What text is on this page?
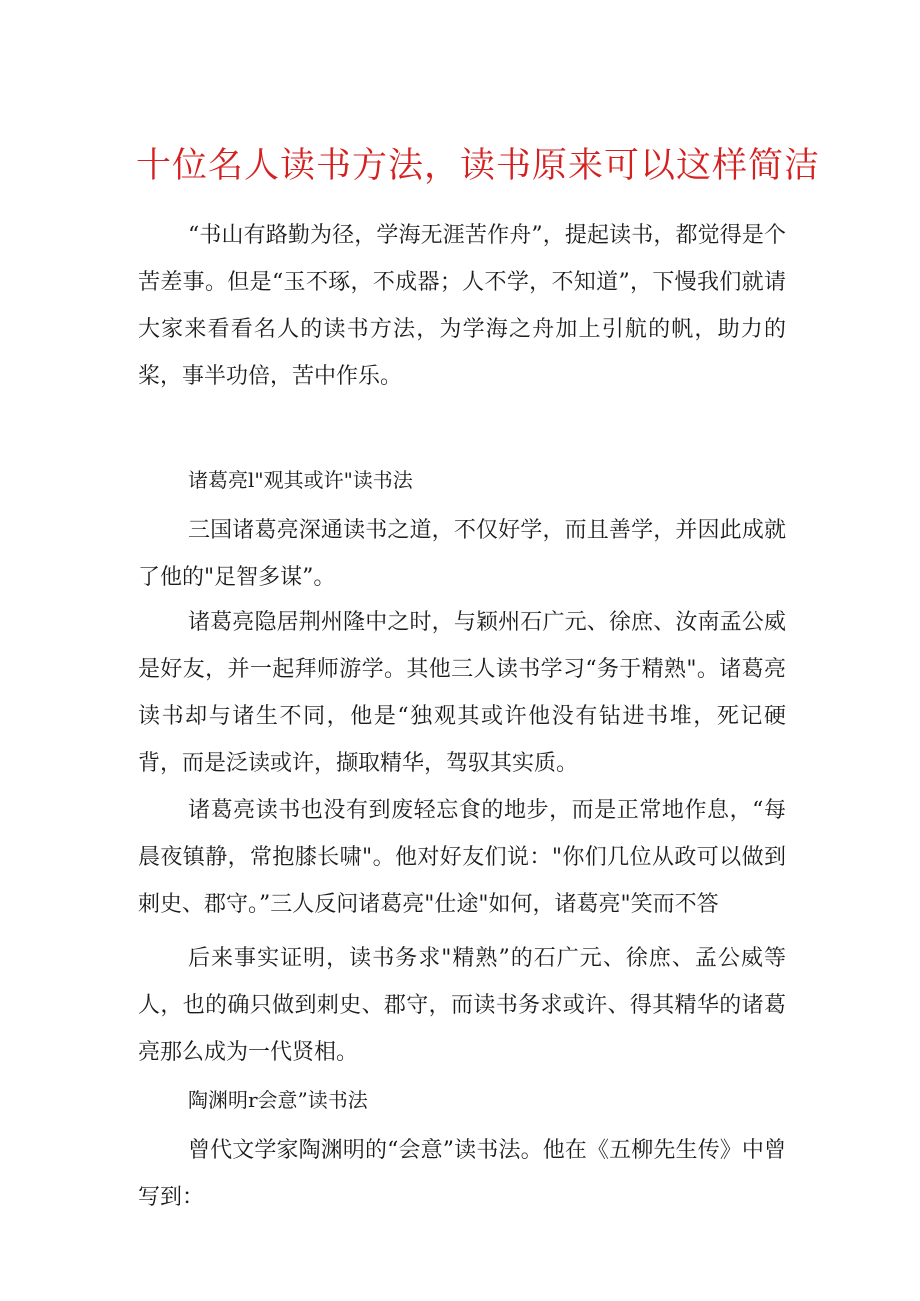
十位名人读书方法，读书原来可以这样简洁

“书山有路勤为径，学海无涯苦作舟”，提起读书，都觉得是个苦差事。但是“玉不琢，不成器；人不学，不知道”，下慢我们就请大家来看看名人的读书方法，为学海之舟加上引航的帆，助力的桨，事半功倍，苦中作乐。

诸葛亮l"观其或许"读书法

三国诸葛亮深通读书之道，不仅好学，而且善学，并因此成就了他的"足智多谋”。

诸葛亮隐居荆州隆中之时，与颖州石广元、徐庶、汝南孟公威是好友，并一起拜师游学。其他三人读书学习“务于精熟"。诸葛亮读书却与诸生不同，他是“独观其或许他没有钻进书堆，死记硬背，而是泛读或许，撷取精华，驾驭其实质。

诸葛亮读书也没有到废轻忘食的地步，而是正常地作息，“每晨夜镇静，常抱膝长啸"。他对好友们说："你们几位从政可以做到刺史、郡守。”三人反问诸葛亮"仕途"如何，诸葛亮"笑而不答

后来事实证明，读书务求"精熟”的石广元、徐庶、孟公威等人，也的确只做到刺史、郡守，而读书务求或许、得其精华的诸葛亮那么成为一代贤相。

陶渊明r会意”读书法

曾代文学家陶渊明的“会意”读书法。他在《五柳先生传》中曾写到：
